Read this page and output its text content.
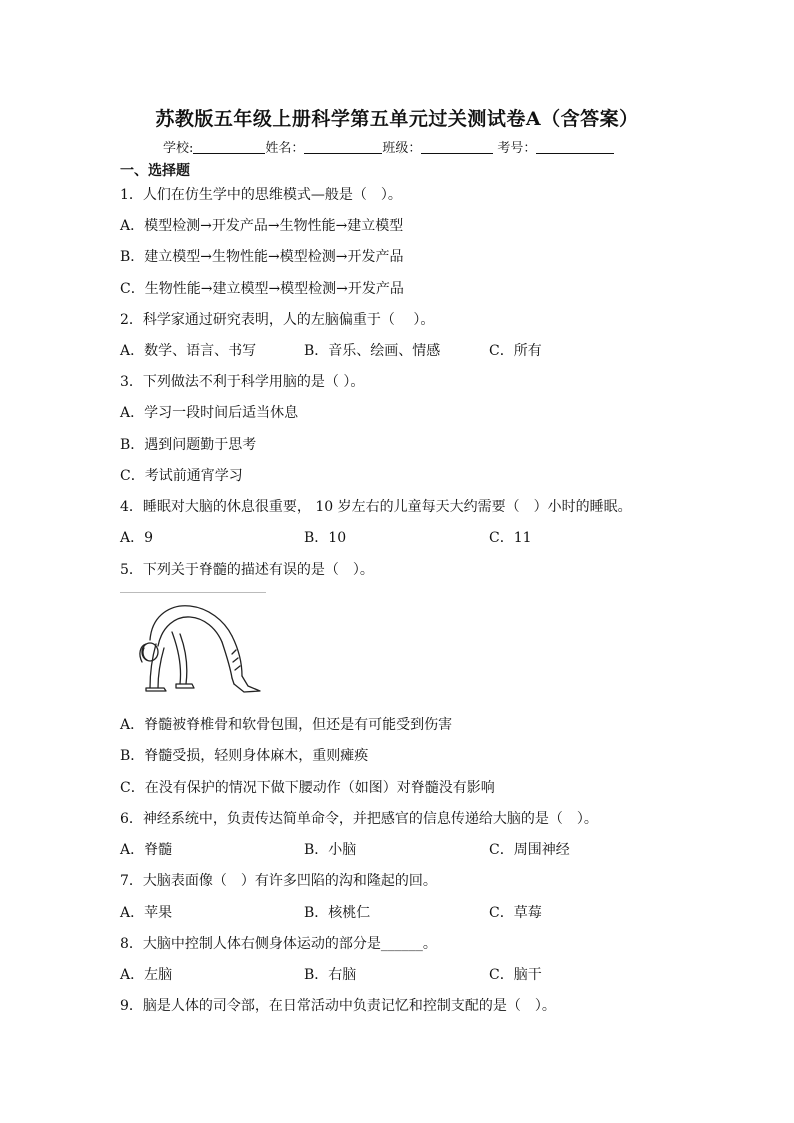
苏教版五年级上册科学第五单元过关测试卷A（含答案）
学校:	姓名：	班级：	考号：
一、选择题
1．人们在仿生学中的思维模式—般是（　）。
A．模型检测→开发产品→生物性能→建立模型
B．建立模型→生物性能→模型检测→开发产品
C．生物性能→建立模型→模型检测→开发产品
2．科学家通过研究表明，人的左脑偏重于（　 ）。
A．数学、语言、书写	B．音乐、绘画、情感	C．所有
3．下列做法不利于科学用脑的是（ ）。
A．学习一段时间后适当休息
B．遇到问题勤于思考
C．考试前通宵学习
4．睡眠对大脑的休息很重要， 10 岁左右的儿童每天大约需要（　）小时的睡眠。
A．9	B．10	C．11
5．下列关于脊髓的描述有误的是（　）。
A．脊髓被脊椎骨和软骨包围，但还是有可能受到伤害
B．脊髓受损，轻则身体麻木，重则瘫痪
C．在没有保护的情况下做下腰动作（如图）对脊髓没有影响
6．神经系统中，负责传达简单命令，并把感官的信息传递给大脑的是（　）。
A．脊髓	B．小脑	C．周围神经
7．大脑表面像（　）有许多凹陷的沟和隆起的回。
A．苹果	B．核桃仁	C．草莓
8．大脑中控制人体右侧身体运动的部分是______。
A．左脑	B．右脑	C．脑干
9．脑是人体的司令部，在日常活动中负责记忆和控制支配的是（　）。
